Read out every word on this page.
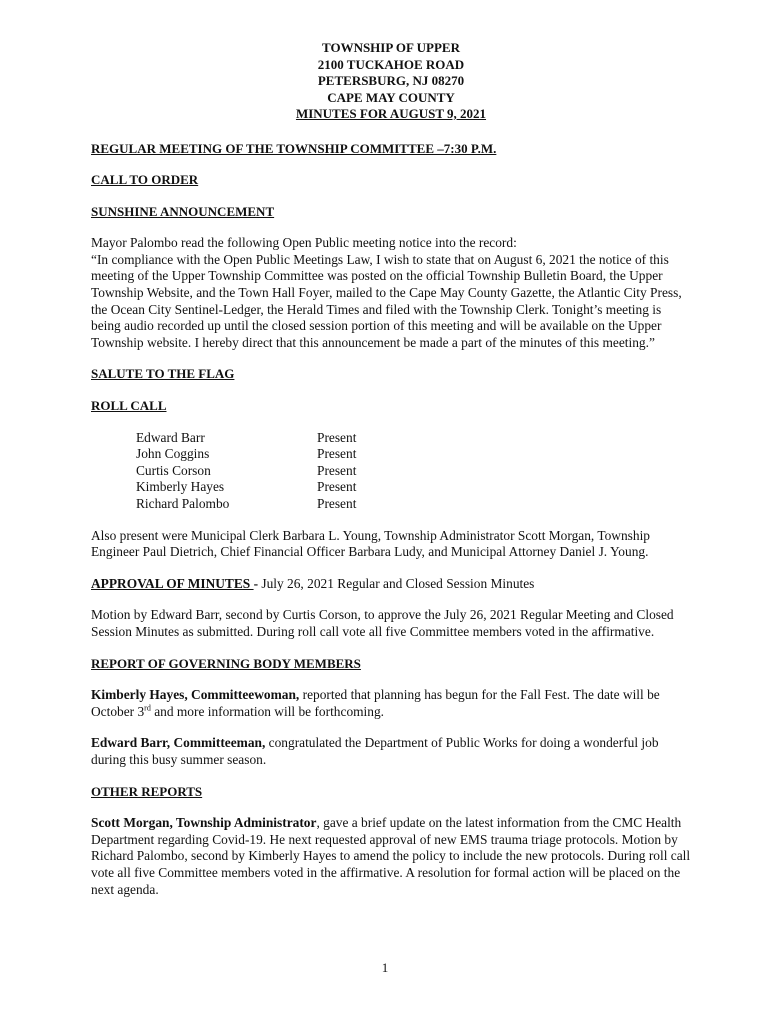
TOWNSHIP OF UPPER
2100 TUCKAHOE ROAD
PETERSBURG, NJ 08270
CAPE MAY COUNTY
MINUTES FOR AUGUST 9, 2021

REGULAR MEETING OF THE TOWNSHIP COMMITTEE –7:30 P.M.

CALL TO ORDER

SUNSHINE ANNOUNCEMENT

Mayor Palombo read the following Open Public meeting notice into the record:

“In compliance with the Open Public Meetings Law, I wish to state that on August 6, 2021 the notice of this meeting of the Upper Township Committee was posted on the official Township Bulletin Board, the Upper Township Website, and the Town Hall Foyer, mailed to the Cape May County Gazette, the Atlantic City Press, the Ocean City Sentinel-Ledger, the Herald Times and filed with the Township Clerk. Tonight’s meeting is being audio recorded up until the closed session portion of this meeting and will be available on the Upper Township website. I hereby direct that this announcement be made a part of the minutes of this meeting.”

SALUTE TO THE FLAG

ROLL CALL

Edward Barr	Present
John Coggins	Present
Curtis Corson	Present
Kimberly Hayes	Present
Richard Palombo	Present

Also present were Municipal Clerk Barbara L. Young, Township Administrator Scott Morgan, Township Engineer Paul Dietrich, Chief Financial Officer Barbara Ludy, and Municipal Attorney Daniel J. Young.

APPROVAL OF MINUTES - July 26, 2021 Regular and Closed Session Minutes

Motion by Edward Barr, second by Curtis Corson, to approve the July 26, 2021 Regular Meeting and Closed Session Minutes as submitted. During roll call vote all five Committee members voted in the affirmative.

REPORT OF GOVERNING BODY MEMBERS

Kimberly Hayes, Committeewoman, reported that planning has begun for the Fall Fest. The date will be October 3rd and more information will be forthcoming.

Edward Barr, Committeeman, congratulated the Department of Public Works for doing a wonderful job during this busy summer season.

OTHER REPORTS

Scott Morgan, Township Administrator, gave a brief update on the latest information from the CMC Health Department regarding Covid-19. He next requested approval of new EMS trauma triage protocols. Motion by Richard Palombo, second by Kimberly Hayes to amend the policy to include the new protocols. During roll call vote all five Committee members voted in the affirmative. A resolution for formal action will be placed on the next agenda.

1
